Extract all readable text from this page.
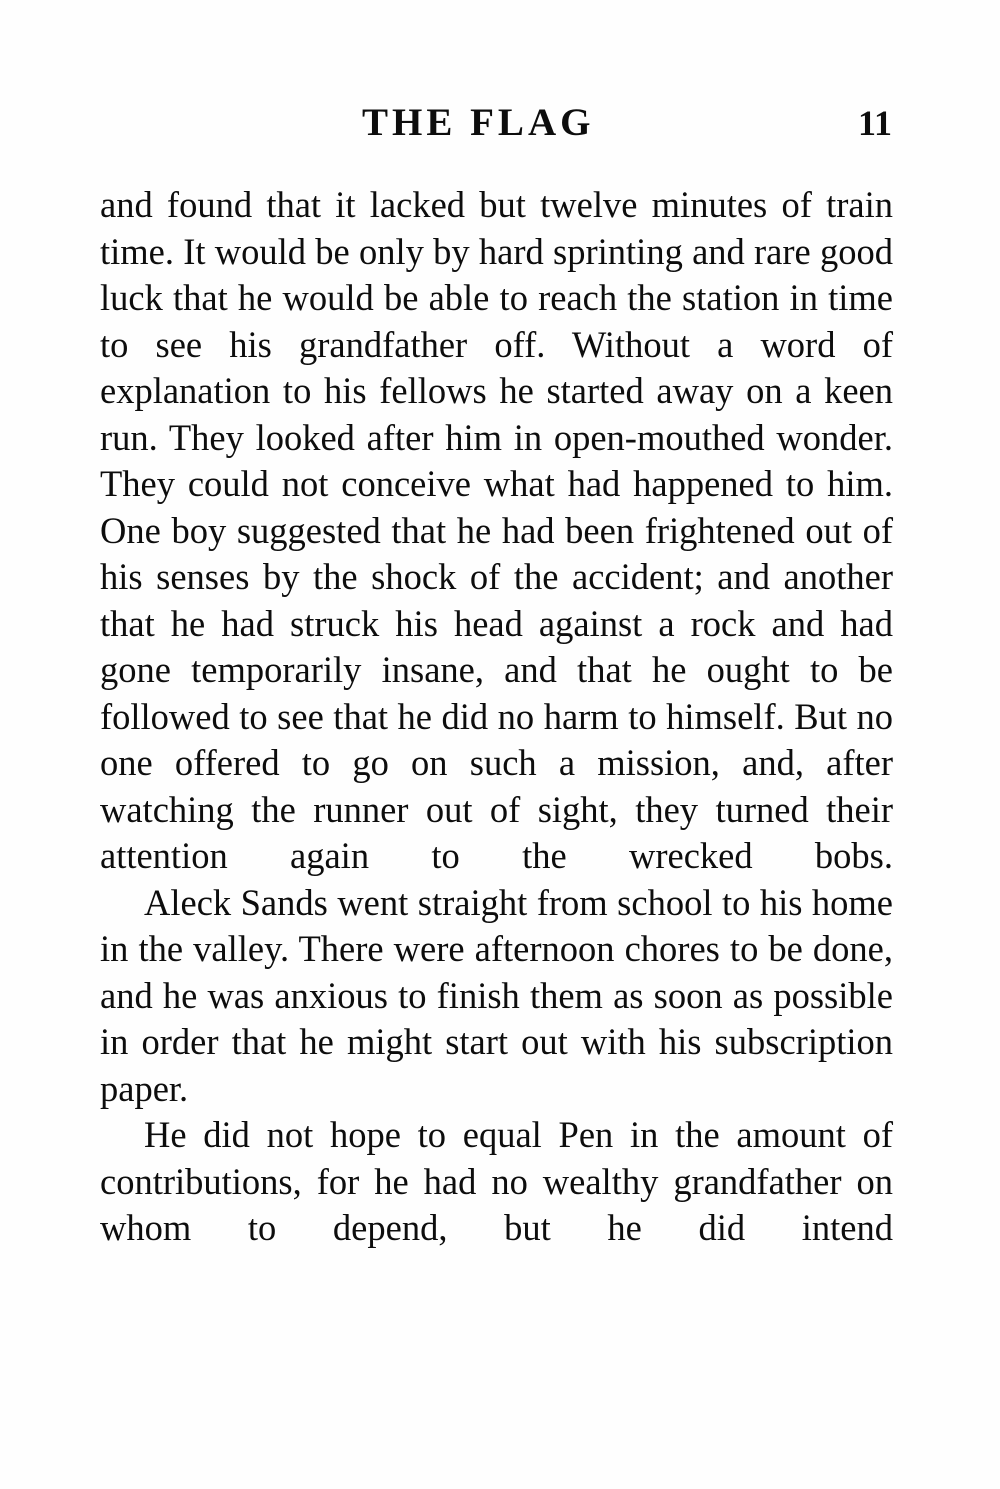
THE FLAG	11

and found that it lacked but twelve minutes of train time. It would be only by hard sprinting and rare good luck that he would be able to reach the station in time to see his grandfather off. Without a word of explanation to his fellows he started away on a keen run. They looked after him in open-mouthed wonder. They could not conceive what had happened to him. One boy suggested that he had been frightened out of his senses by the shock of the accident; and another that he had struck his head against a rock and had gone temporarily insane, and that he ought to be followed to see that he did no harm to himself. But no one offered to go on such a mission, and, after watching the runner out of sight, they turned their attention again to the wrecked bobs.

Aleck Sands went straight from school to his home in the valley. There were afternoon chores to be done, and he was anxious to finish them as soon as possible in order that he might start out with his subscription paper.

He did not hope to equal Pen in the amount of contributions, for he had no wealthy grandfather on whom to depend, but he did intend
